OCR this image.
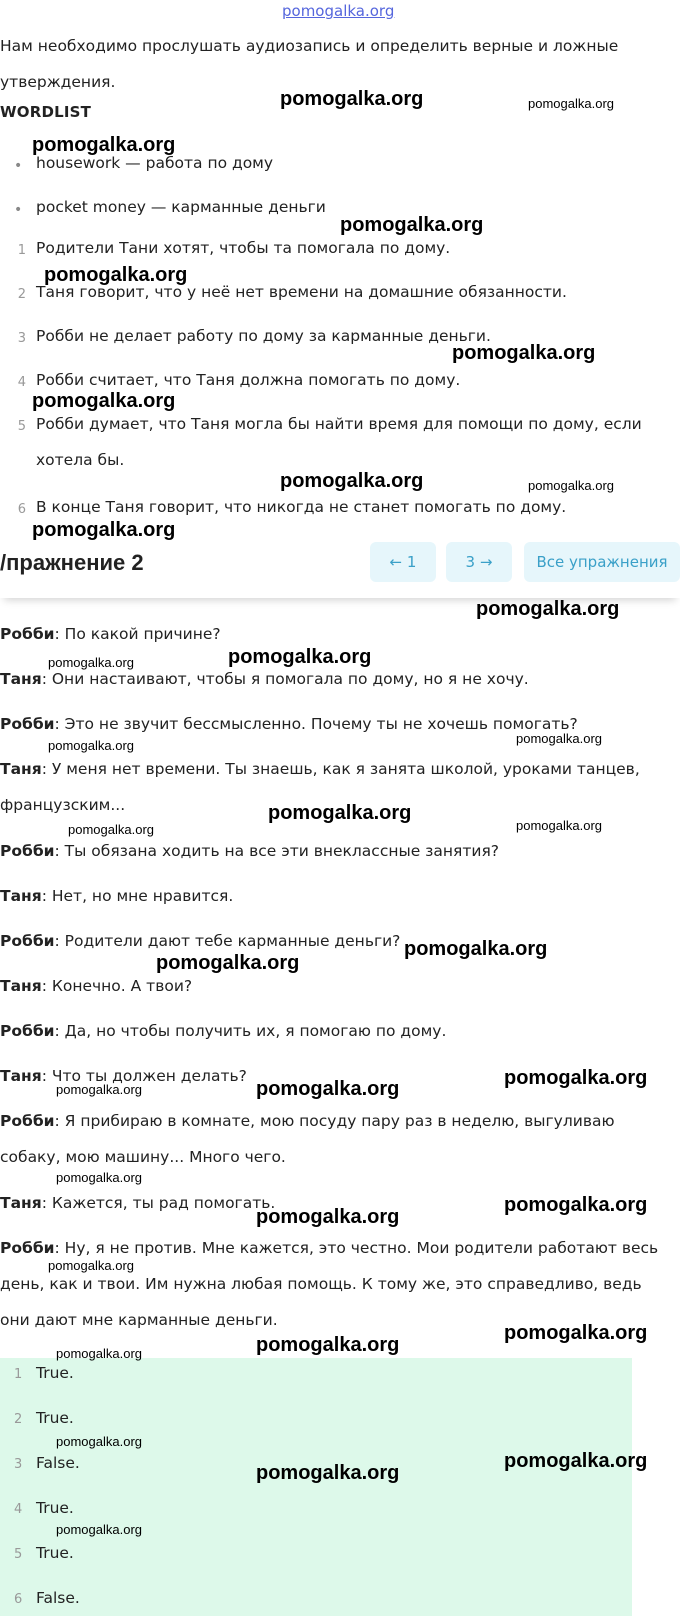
pomogalka.org
Нам необходимо прослушать аудиозапись и определить верные и ложные утверждения.
WORDLIST
• housework — работа по дому
• pocket money — карманные деньги
1 Родители Тани хотят, чтобы та помогала по дому.
2 Таня говорит, что у неё нет времени на домашние обязанности.
3 Робби не делает работу по дому за карманные деньги.
4 Робби считает, что Таня должна помогать по дому.
5 Робби думает, что Таня могла бы найти время для помощи по дому, если хотела бы.
6 В конце Таня говорит, что никогда не станет помогать по дому.
/пражнение 2	← 1	3 →	Все упражнения
Робби: По какой причине?
Таня: Они настаивают, чтобы я помогала по дому, но я не хочу.
Робби: Это не звучит бессмысленно. Почему ты не хочешь помогать?
Таня: У меня нет времени. Ты знаешь, как я занята школой, уроками танцев, французским...
Робби: Ты обязана ходить на все эти внеклассные занятия?
Таня: Нет, но мне нравится.
Робби: Родители дают тебе карманные деньги?
Таня: Конечно. А твои?
Робби: Да, но чтобы получить их, я помогаю по дому.
Таня: Что ты должен делать?
Робби: Я прибираю в комнате, мою посуду пару раз в неделю, выгуливаю собаку, мою машину... Много чего.
Таня: Кажется, ты рад помогать.
Робби: Ну, я не против. Мне кажется, это честно. Мои родители работают весь день, как и твои. Им нужна любая помощь. К тому же, это справедливо, ведь они дают мне карманные деньги.
1 True.
2 True.
3 False.
4 True.
5 True.
6 False.
pomogalka.org	pomogalka.org
pomogalka.org
pomogalka.org
pomogalka.org
pomogalka.org
pomogalka.org
pomogalka.org	pomogalka.org
pomogalka.org
pomogalka.org
pomogalka.org	pomogalka.org
pomogalka.org	pomogalka.org
pomogalka.org
pomogalka.org	pomogalka.org
pomogalka.org
pomogalka.org
pomogalka.org
pomogalka.org	pomogalka.org
pomogalka.org
pomogalka.org
pomogalka.org
pomogalka.org
pomogalka.org
pomogalka.org
pomogalka.org
pomogalka.org
pomogalka.org
pomogalka.org
pomogalka.org
